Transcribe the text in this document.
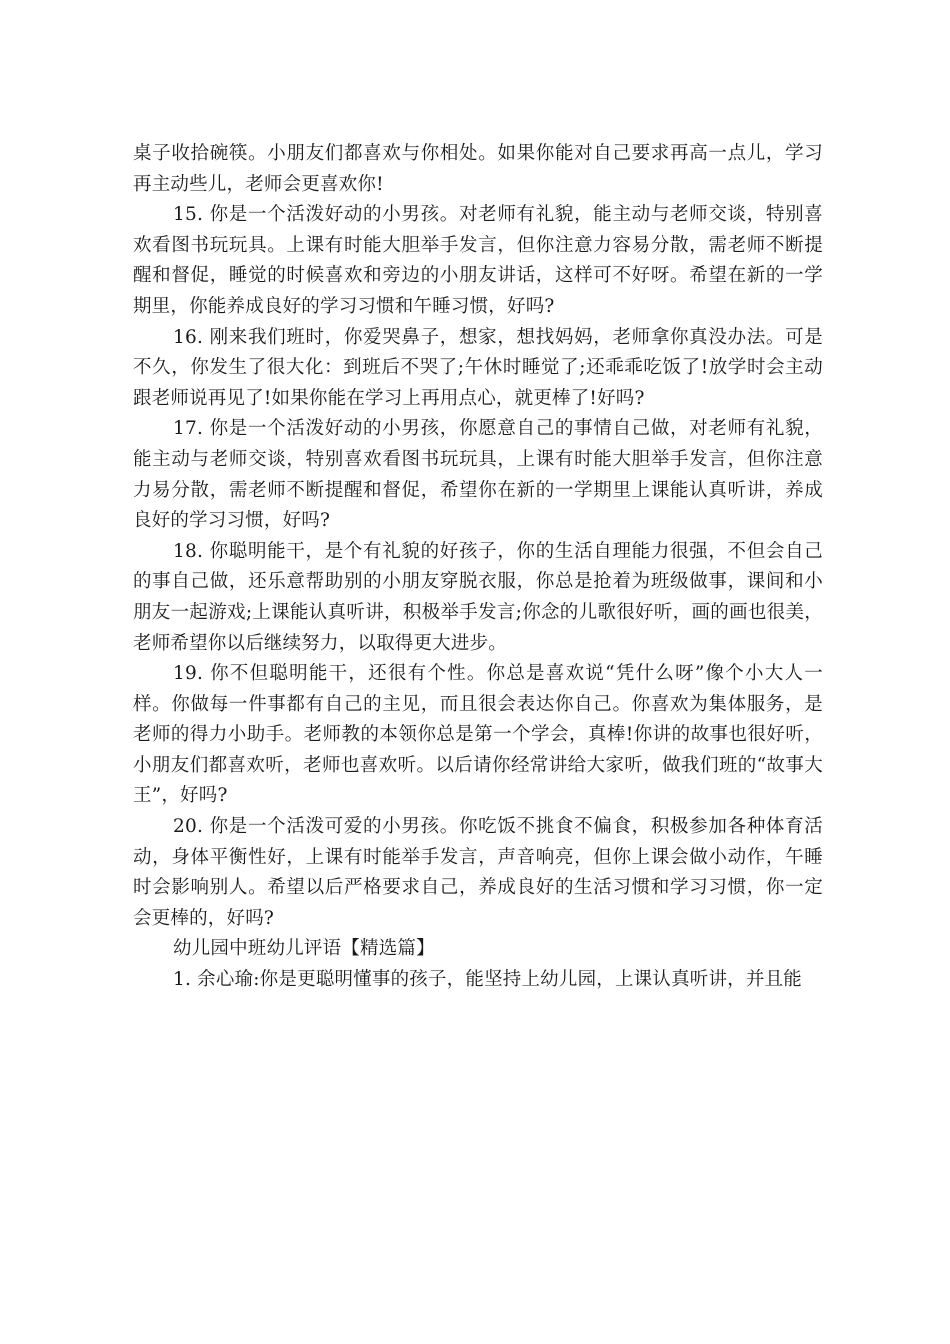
桌子收拾碗筷。小朋友们都喜欢与你相处。如果你能对自己要求再高一点儿，学习再主动些儿，老师会更喜欢你!

15. 你是一个活泼好动的小男孩。对老师有礼貌，能主动与老师交谈，特别喜欢看图书玩玩具。上课有时能大胆举手发言，但你注意力容易分散，需老师不断提醒和督促，睡觉的时候喜欢和旁边的小朋友讲话，这样可不好呀。希望在新的一学期里，你能养成良好的学习习惯和午睡习惯，好吗?

16. 刚来我们班时，你爱哭鼻子，想家，想找妈妈，老师拿你真没办法。可是不久，你发生了很大化：到班后不哭了;午休时睡觉了;还乖乖吃饭了!放学时会主动跟老师说再见了!如果你能在学习上再用点心，就更棒了!好吗?

17. 你是一个活泼好动的小男孩，你愿意自己的事情自己做，对老师有礼貌，能主动与老师交谈，特别喜欢看图书玩玩具，上课有时能大胆举手发言，但你注意力易分散，需老师不断提醒和督促，希望你在新的一学期里上课能认真听讲，养成良好的学习习惯，好吗?

18. 你聪明能干，是个有礼貌的好孩子，你的生活自理能力很强，不但会自己的事自己做，还乐意帮助别的小朋友穿脱衣服，你总是抢着为班级做事，课间和小朋友一起游戏;上课能认真听讲，积极举手发言;你念的儿歌很好听，画的画也很美，老师希望你以后继续努力，以取得更大进步。

19. 你不但聪明能干，还很有个性。你总是喜欢说“凭什么呀”像个小大人一样。你做每一件事都有自己的主见，而且很会表达你自己。你喜欢为集体服务，是老师的得力小助手。老师教的本领你总是第一个学会，真棒!你讲的故事也很好听，小朋友们都喜欢听，老师也喜欢听。以后请你经常讲给大家听，做我们班的“故事大王”，好吗?

20. 你是一个活泼可爱的小男孩。你吃饭不挑食不偏食，积极参加各种体育活动，身体平衡性好，上课有时能举手发言，声音响亮，但你上课会做小动作，午睡时会影响别人。希望以后严格要求自己，养成良好的生活习惯和学习习惯，你一定会更棒的，好吗?

幼儿园中班幼儿评语【精选篇】

1. 余心瑜:你是更聪明懂事的孩子，能坚持上幼儿园，上课认真听讲，并且能
